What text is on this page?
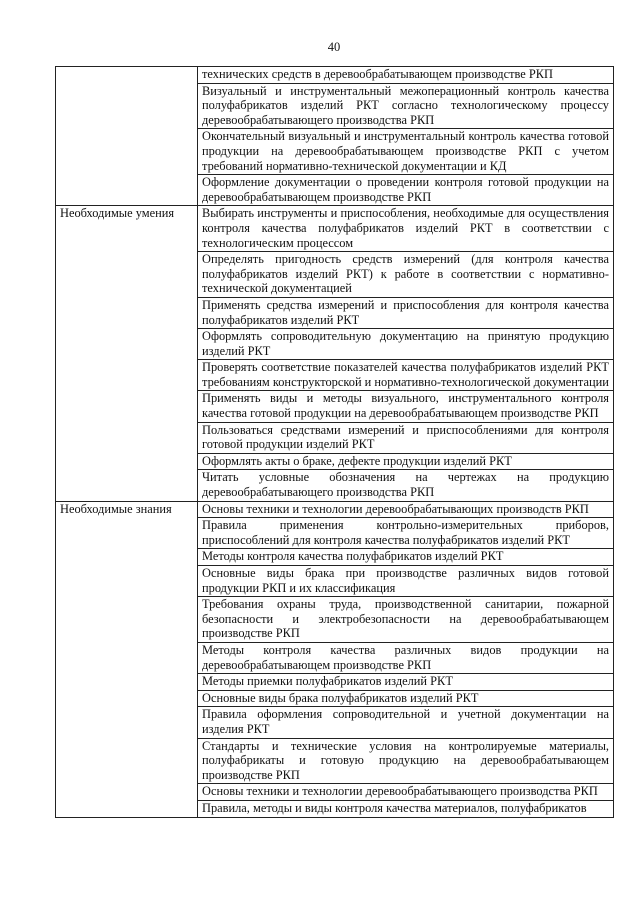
40
	технических средств в деревообрабатывающем производстве РКП
	Визуальный и инструментальный межоперационный контроль качества полуфабрикатов изделий РКТ согласно технологическому процессу деревообрабатывающего производства РКП
	Окончательный визуальный и инструментальный контроль качества готовой продукции на деревообрабатывающем производстве РКП с учетом требований нормативно-технической документации и КД
	Оформление документации о проведении контроля готовой продукции на деревообрабатывающем производстве РКП
Необходимые умения	Выбирать инструменты и приспособления, необходимые для осуществления контроля качества полуфабрикатов изделий РКТ в соответствии с технологическим процессом
	Определять пригодность средств измерений (для контроля качества полуфабрикатов изделий РКТ) к работе в соответствии с нормативно-технической документацией
	Применять средства измерений и приспособления для контроля качества полуфабрикатов изделий РКТ
	Оформлять сопроводительную документацию на принятую продукцию изделий РКТ
	Проверять соответствие показателей качества полуфабрикатов изделий РКТ требованиям конструкторской и нормативно-технологической документации
	Применять виды и методы визуального, инструментального контроля качества готовой продукции на деревообрабатывающем производстве РКП
	Пользоваться средствами измерений и приспособлениями для контроля готовой продукции изделий РКТ
	Оформлять акты о браке, дефекте продукции изделий РКТ
	Читать условные обозначения на чертежах на продукцию деревообрабатывающего производства РКП
Необходимые знания	Основы техники и технологии деревообрабатывающих производств РКП
	Правила применения контрольно-измерительных приборов, приспособлений для контроля качества полуфабрикатов изделий РКТ
	Методы контроля качества полуфабрикатов изделий РКТ
	Основные виды брака при производстве различных видов готовой продукции РКП и их классификация
	Требования охраны труда, производственной санитарии, пожарной безопасности и электробезопасности на деревообрабатывающем производстве РКП
	Методы контроля качества различных видов продукции на деревообрабатывающем производстве РКП
	Методы приемки полуфабрикатов изделий РКТ
	Основные виды брака полуфабрикатов изделий РКТ
	Правила оформления сопроводительной и учетной документации на изделия РКТ
	Стандарты и технические условия на контролируемые материалы, полуфабрикаты и готовую продукцию на деревообрабатывающем производстве РКП
	Основы техники и технологии деревообрабатывающего производства РКП
	Правила, методы и виды контроля качества материалов, полуфабрикатов
